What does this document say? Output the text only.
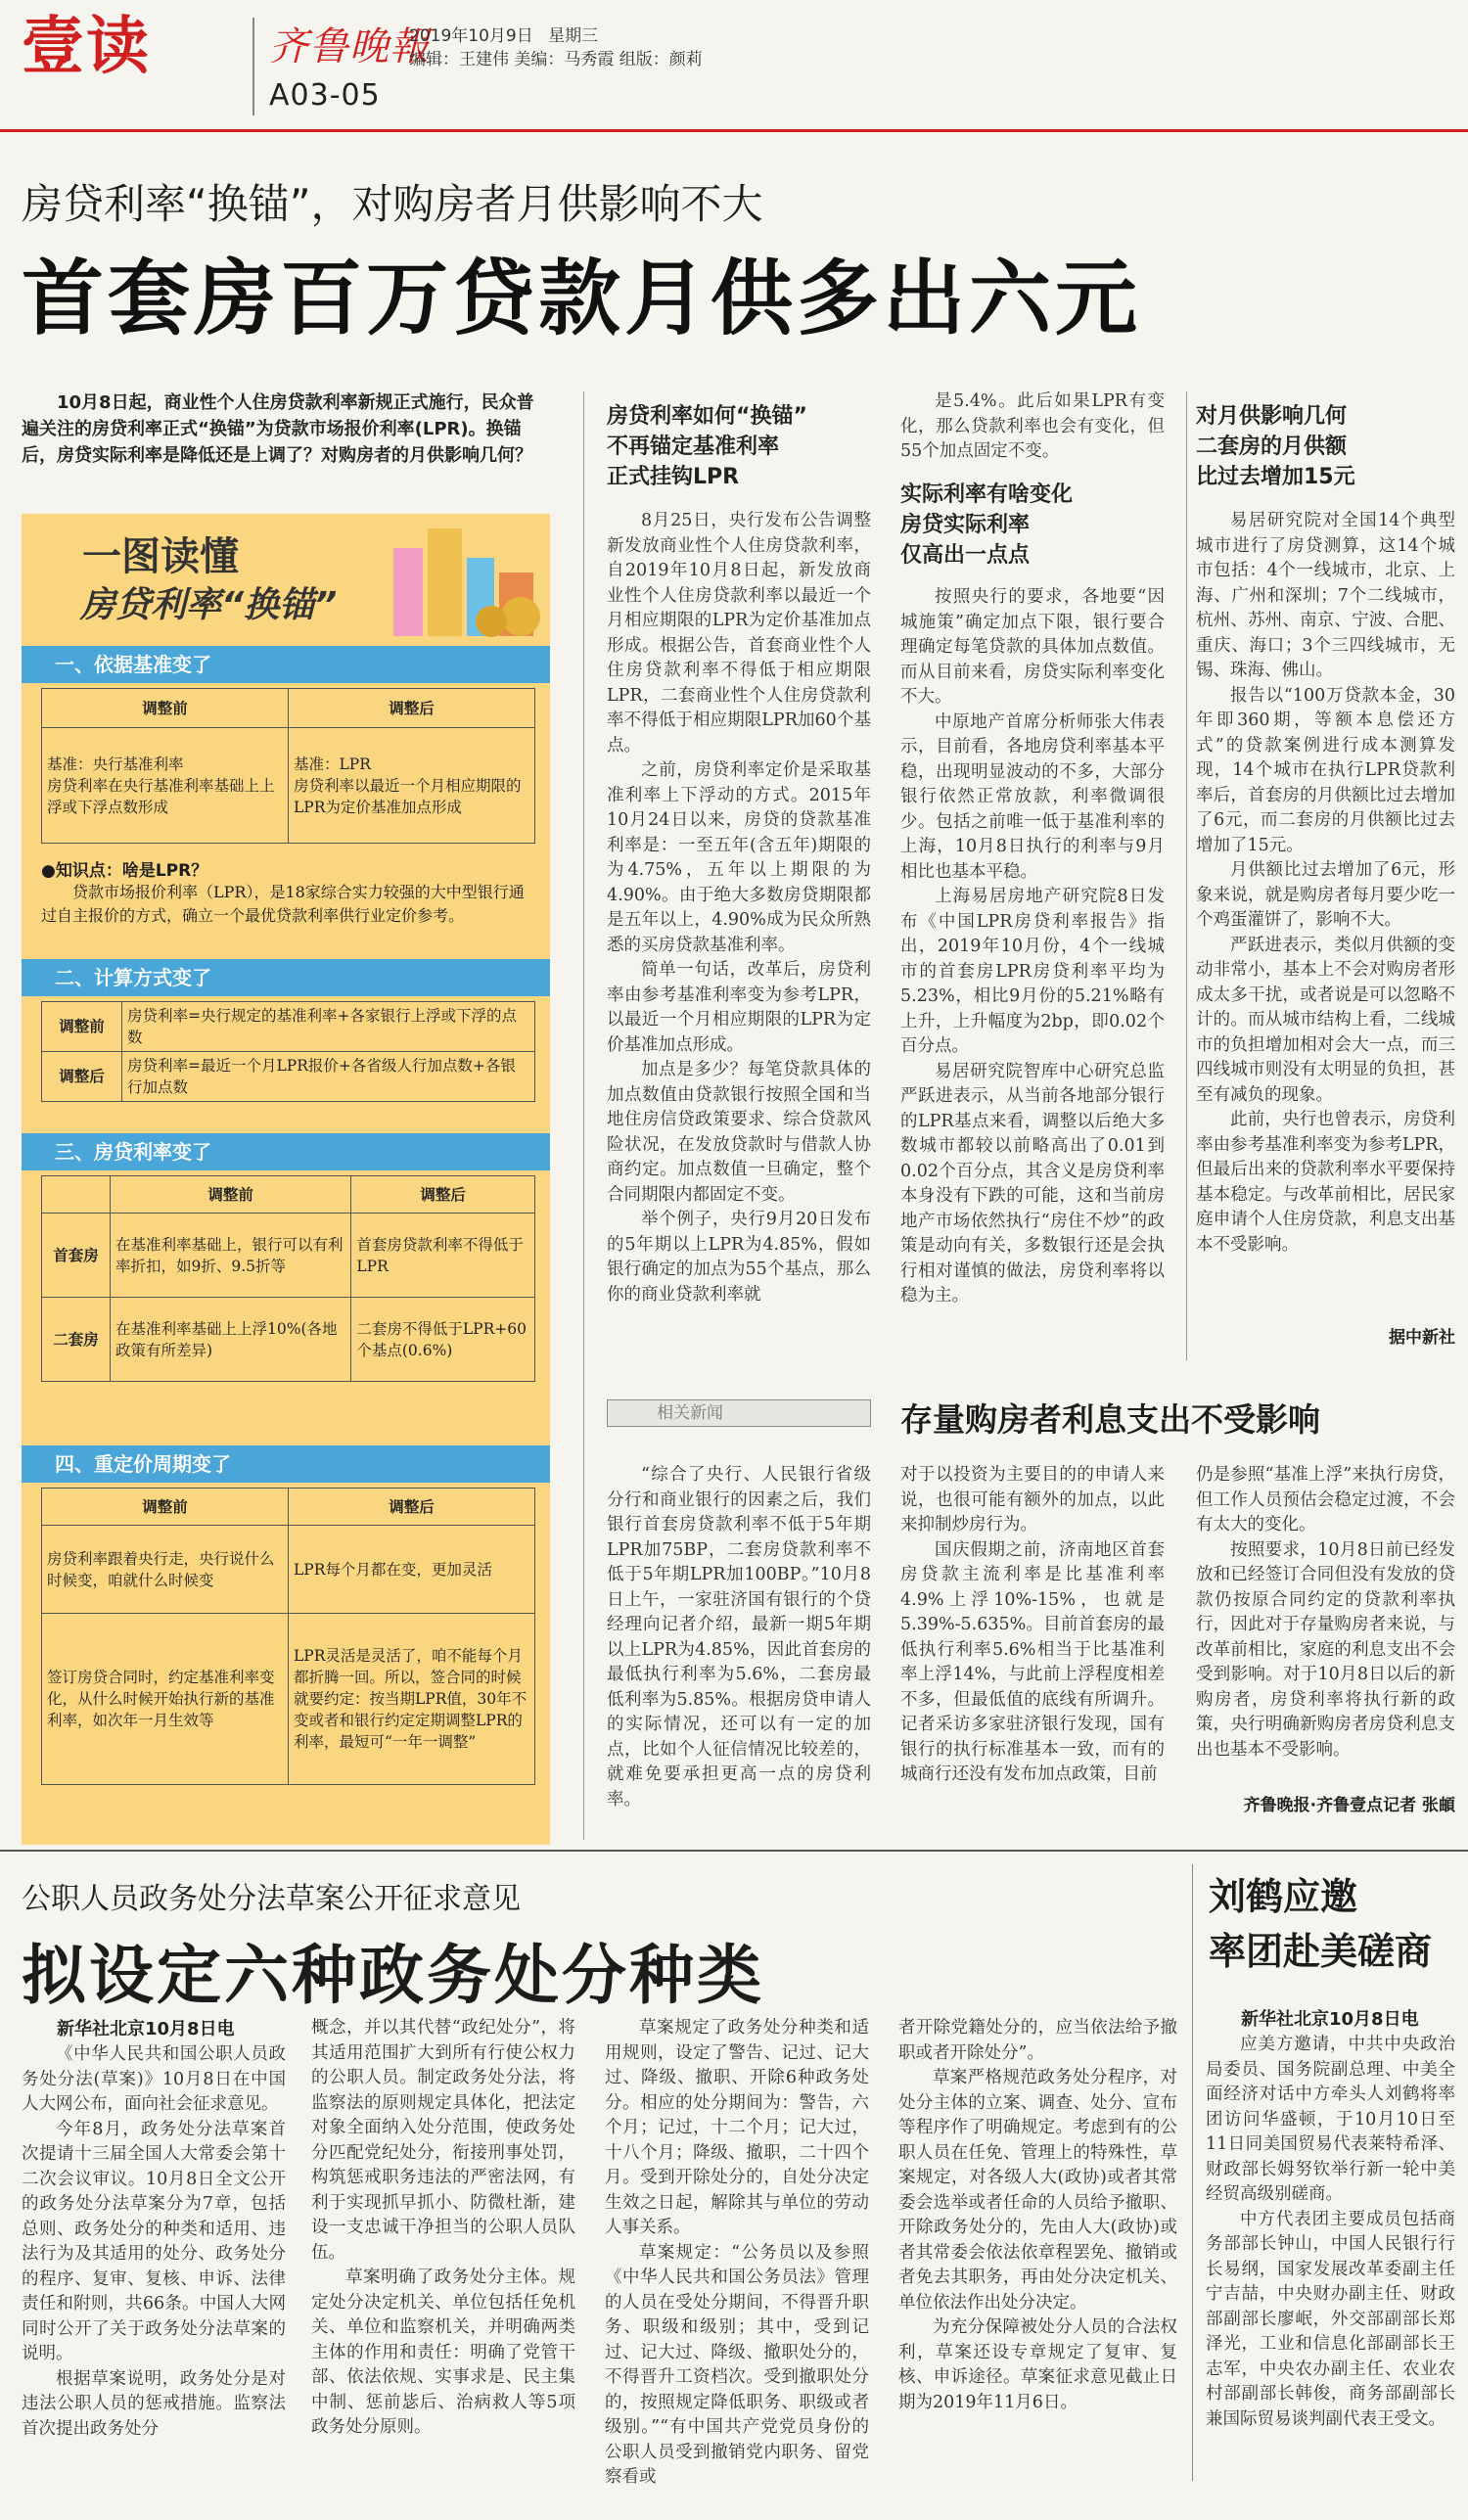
壹读	齐鲁晚報
A03-05
2019年10月9日 星期三
编辑：王建伟 美编：马秀霞 组版：颜莉
房贷利率“换锚”，对购房者月供影响不大
首套房百万贷款月供多出六元
10月8日起，商业性个人住房贷款利率新规正式施行，民众普遍关注的房贷利率正式“换锚”为贷款市场报价利率(LPR)。换锚后，房贷实际利率是降低还是上调了？对购房者的月供影响几何？
一图读懂
房贷利率“换锚”
一、依据基准变了
调整前	调整后
基准：央行基准利率
房贷利率在央行基准利率基础上上浮或下浮点数形成	基准：LPR
房贷利率以最近一个月相应期限的LPR为定价基准加点形成
●知识点：啥是LPR？
贷款市场报价利率（LPR），是18家综合实力较强的大中型银行通过自主报价的方式，确立一个最优贷款利率供行业定价参考。
二、计算方式变了
调整前	房贷利率=央行规定的基准利率+各家银行上浮或下浮的点数
调整后	房贷利率=最近一个月LPR报价+各省级人行加点数+各银行加点数
三、房贷利率变了
	调整前	调整后
首套房	在基准利率基础上，银行可以有利率折扣，如9折、9.5折等	首套房贷款利率不得低于LPR
二套房	在基准利率基础上上浮10%(各地政策有所差异)	二套房不得低于LPR+60个基点(0.6%)
四、重定价周期变了
调整前	调整后
房贷利率跟着央行走，央行说什么时候变，咱就什么时候变	LPR每个月都在变，更加灵活
签订房贷合同时，约定基准利率变化，从什么时候开始执行新的基准利率，如次年一月生效等	LPR灵活是灵活了，咱不能每个月都折腾一回。所以，签合同的时候就要约定：按当期LPR值，30年不变或者和银行约定定期调整LPR的利率，最短可“一年一调整”
房贷利率如何“换锚”
不再锚定基准利率
正式挂钩LPR

8月25日，央行发布公告调整新发放商业性个人住房贷款利率，自2019年10月8日起，新发放商业性个人住房贷款利率以最近一个月相应期限的LPR为定价基准加点形成。根据公告，首套商业性个人住房贷款利率不得低于相应期限LPR，二套商业性个人住房贷款利率不得低于相应期限LPR加60个基点。

之前，房贷利率定价是采取基准利率上下浮动的方式。2015年10月24日以来，房贷的贷款基准利率是：一至五年(含五年)期限的为4.75%，五年以上期限的为4.90%。由于绝大多数房贷期限都是五年以上，4.90%成为民众所熟悉的买房贷款基准利率。

简单一句话，改革后，房贷利率由参考基准利率变为参考LPR，以最近一个月相应期限的LPR为定价基准加点形成。

加点是多少？每笔贷款具体的加点数值由贷款银行按照全国和当地住房信贷政策要求、综合贷款风险状况，在发放贷款时与借款人协商约定。加点数值一旦确定，整个合同期限内都固定不变。

举个例子，央行9月20日发布的5年期以上LPR为4.85%，假如银行确定的加点为55个基点，那么你的商业贷款利率就

是5.4%。此后如果LPR有变化，那么贷款利率也会有变化，但55个加点固定不变。

实际利率有啥变化
房贷实际利率
仅高出一点点

按照央行的要求，各地要“因城施策”确定加点下限，银行要合理确定每笔贷款的具体加点数值。而从目前来看，房贷实际利率变化不大。

中原地产首席分析师张大伟表示，目前看，各地房贷利率基本平稳，出现明显波动的不多，大部分银行依然正常放款，利率微调很少。包括之前唯一低于基准利率的上海，10月8日执行的利率与9月相比也基本平稳。

上海易居房地产研究院8日发布《中国LPR房贷利率报告》指出，2019年10月份，4个一线城市的首套房LPR房贷利率平均为5.23%，相比9月份的5.21%略有上升，上升幅度为2bp，即0.02个百分点。

易居研究院智库中心研究总监严跃进表示，从当前各地部分银行的LPR基点来看，调整以后绝大多数城市都较以前略高出了0.01到0.02个百分点，其含义是房贷利率本身没有下跌的可能，这和当前房地产市场依然执行“房住不炒”的政策是动向有关，多数银行还是会执行相对谨慎的做法，房贷利率将以稳为主。

对月供影响几何
二套房的月供额
比过去增加15元

易居研究院对全国14个典型城市进行了房贷测算，这14个城市包括：4个一线城市，北京、上海、广州和深圳；7个二线城市，杭州、苏州、南京、宁波、合肥、重庆、海口；3个三四线城市，无锡、珠海、佛山。

报告以“100万贷款本金，30年即360期，等额本息偿还方式”的贷款案例进行成本测算发现，14个城市在执行LPR贷款利率后，首套房的月供额比过去增加了6元，而二套房的月供额比过去增加了15元。

月供额比过去增加了6元，形象来说，就是购房者每月要少吃一个鸡蛋灌饼了，影响不大。

严跃进表示，类似月供额的变动非常小，基本上不会对购房者形成太多干扰，或者说是可以忽略不计的。而从城市结构上看，二线城市的负担增加相对会大一点，而三四线城市则没有太明显的负担，甚至有减负的现象。

此前，央行也曾表示，房贷利率由参考基准利率变为参考LPR，但最后出来的贷款利率水平要保持基本稳定。与改革前相比，居民家庭申请个人住房贷款，利息支出基本不受影响。

据中新社
相关新闻	存量购房者利息支出不受影响

“综合了央行、人民银行省级分行和商业银行的因素之后，我们银行首套房贷款利率不低于5年期LPR加75BP，二套房贷款利率不低于5年期LPR加100BP。”10月8日上午，一家驻济国有银行的个贷经理向记者介绍，最新一期5年期以上LPR为4.85%，因此首套房的最低执行利率为5.6%，二套房最低利率为5.85%。根据房贷申请人的实际情况，还可以有一定的加点，比如个人征信情况比较差的，就难免要承担更高一点的房贷利率。

对于以投资为主要目的的申请人来说，也很可能有额外的加点，以此来抑制炒房行为。

国庆假期之前，济南地区首套房贷款主流利率是比基准利率4.9%上浮10%-15%，也就是5.39%-5.635%。目前首套房的最低执行利率5.6%相当于比基准利率上浮14%，与此前上浮程度相差不多，但最低值的底线有所调升。记者采访多家驻济银行发现，国有银行的执行标准基本一致，而有的城商行还没有发布加点政策，目前

仍是参照“基准上浮”来执行房贷，但工作人员预估会稳定过渡，不会有太大的变化。

按照要求，10月8日前已经发放和已经签订合同但没有发放的贷款仍按原合同约定的贷款利率执行，因此对于存量购房者来说，与改革前相比，家庭的利息支出不会受到影响。对于10月8日以后的新购房者，房贷利率将执行新的政策，央行明确新购房者房贷利息支出也基本不受影响。

齐鲁晚报·齐鲁壹点记者 张頔
公职人员政务处分法草案公开征求意见
拟设定六种政务处分种类

新华社北京10月8日电

《中华人民共和国公职人员政务处分法(草案)》10月8日在中国人大网公布，面向社会征求意见。

今年8月，政务处分法草案首次提请十三届全国人大常委会第十二次会议审议。10月8日全文公开的政务处分法草案分为7章，包括总则、政务处分的种类和适用、违法行为及其适用的处分、政务处分的程序、复审、复核、申诉、法律责任和附则，共66条。中国人大网同时公开了关于政务处分法草案的说明。

根据草案说明，政务处分是对违法公职人员的惩戒措施。监察法首次提出政务处分

概念，并以其代替“政纪处分”，将其适用范围扩大到所有行使公权力的公职人员。制定政务处分法，将监察法的原则规定具体化，把法定对象全面纳入处分范围，使政务处分匹配党纪处分，衔接刑事处罚，构筑惩戒职务违法的严密法网，有利于实现抓早抓小、防微杜渐，建设一支忠诚干净担当的公职人员队伍。

草案明确了政务处分主体。规定处分决定机关、单位包括任免机关、单位和监察机关，并明确两类主体的作用和责任：明确了党管干部、依法依规、实事求是、民主集中制、惩前毖后、治病救人等5项政务处分原则。

草案规定了政务处分种类和适用规则，设定了警告、记过、记大过、降级、撤职、开除6种政务处分。相应的处分期间为：警告，六个月；记过，十二个月；记大过，十八个月；降级、撤职，二十四个月。受到开除处分的，自处分决定生效之日起，解除其与单位的劳动人事关系。

草案规定：“公务员以及参照《中华人民共和国公务员法》管理的人员在受处分期间，不得晋升职务、职级和级别；其中，受到记过、记大过、降级、撤职处分的，不得晋升工资档次。受到撤职处分的，按照规定降低职务、职级或者级别。”“有中国共产党党员身份的公职人员受到撤销党内职务、留党察看或

者开除党籍处分的，应当依法给予撤职或者开除处分”。

草案严格规范政务处分程序，对处分主体的立案、调查、处分、宣布等程序作了明确规定。考虑到有的公职人员在任免、管理上的特殊性，草案规定，对各级人大(政协)或者其常委会选举或者任命的人员给予撤职、开除政务处分的，先由人大(政协)或者其常委会依法依章程罢免、撤销或者免去其职务，再由处分决定机关、单位依法作出处分决定。

为充分保障被处分人员的合法权利，草案还设专章规定了复审、复核、申诉途径。草案征求意见截止日期为2019年11月6日。

刘鹤应邀
率团赴美磋商

新华社北京10月8日电

应美方邀请，中共中央政治局委员、国务院副总理、中美全面经济对话中方牵头人刘鹤将率团访问华盛顿，于10月10日至11日同美国贸易代表莱特希泽、财政部长姆努钦举行新一轮中美经贸高级别磋商。

中方代表团主要成员包括商务部部长钟山，中国人民银行行长易纲，国家发展改革委副主任宁吉喆，中央财办副主任、财政部副部长廖岷，外交部副部长郑泽光，工业和信息化部副部长王志军，中央农办副主任、农业农村部副部长韩俊，商务部副部长兼国际贸易谈判副代表王受文。
